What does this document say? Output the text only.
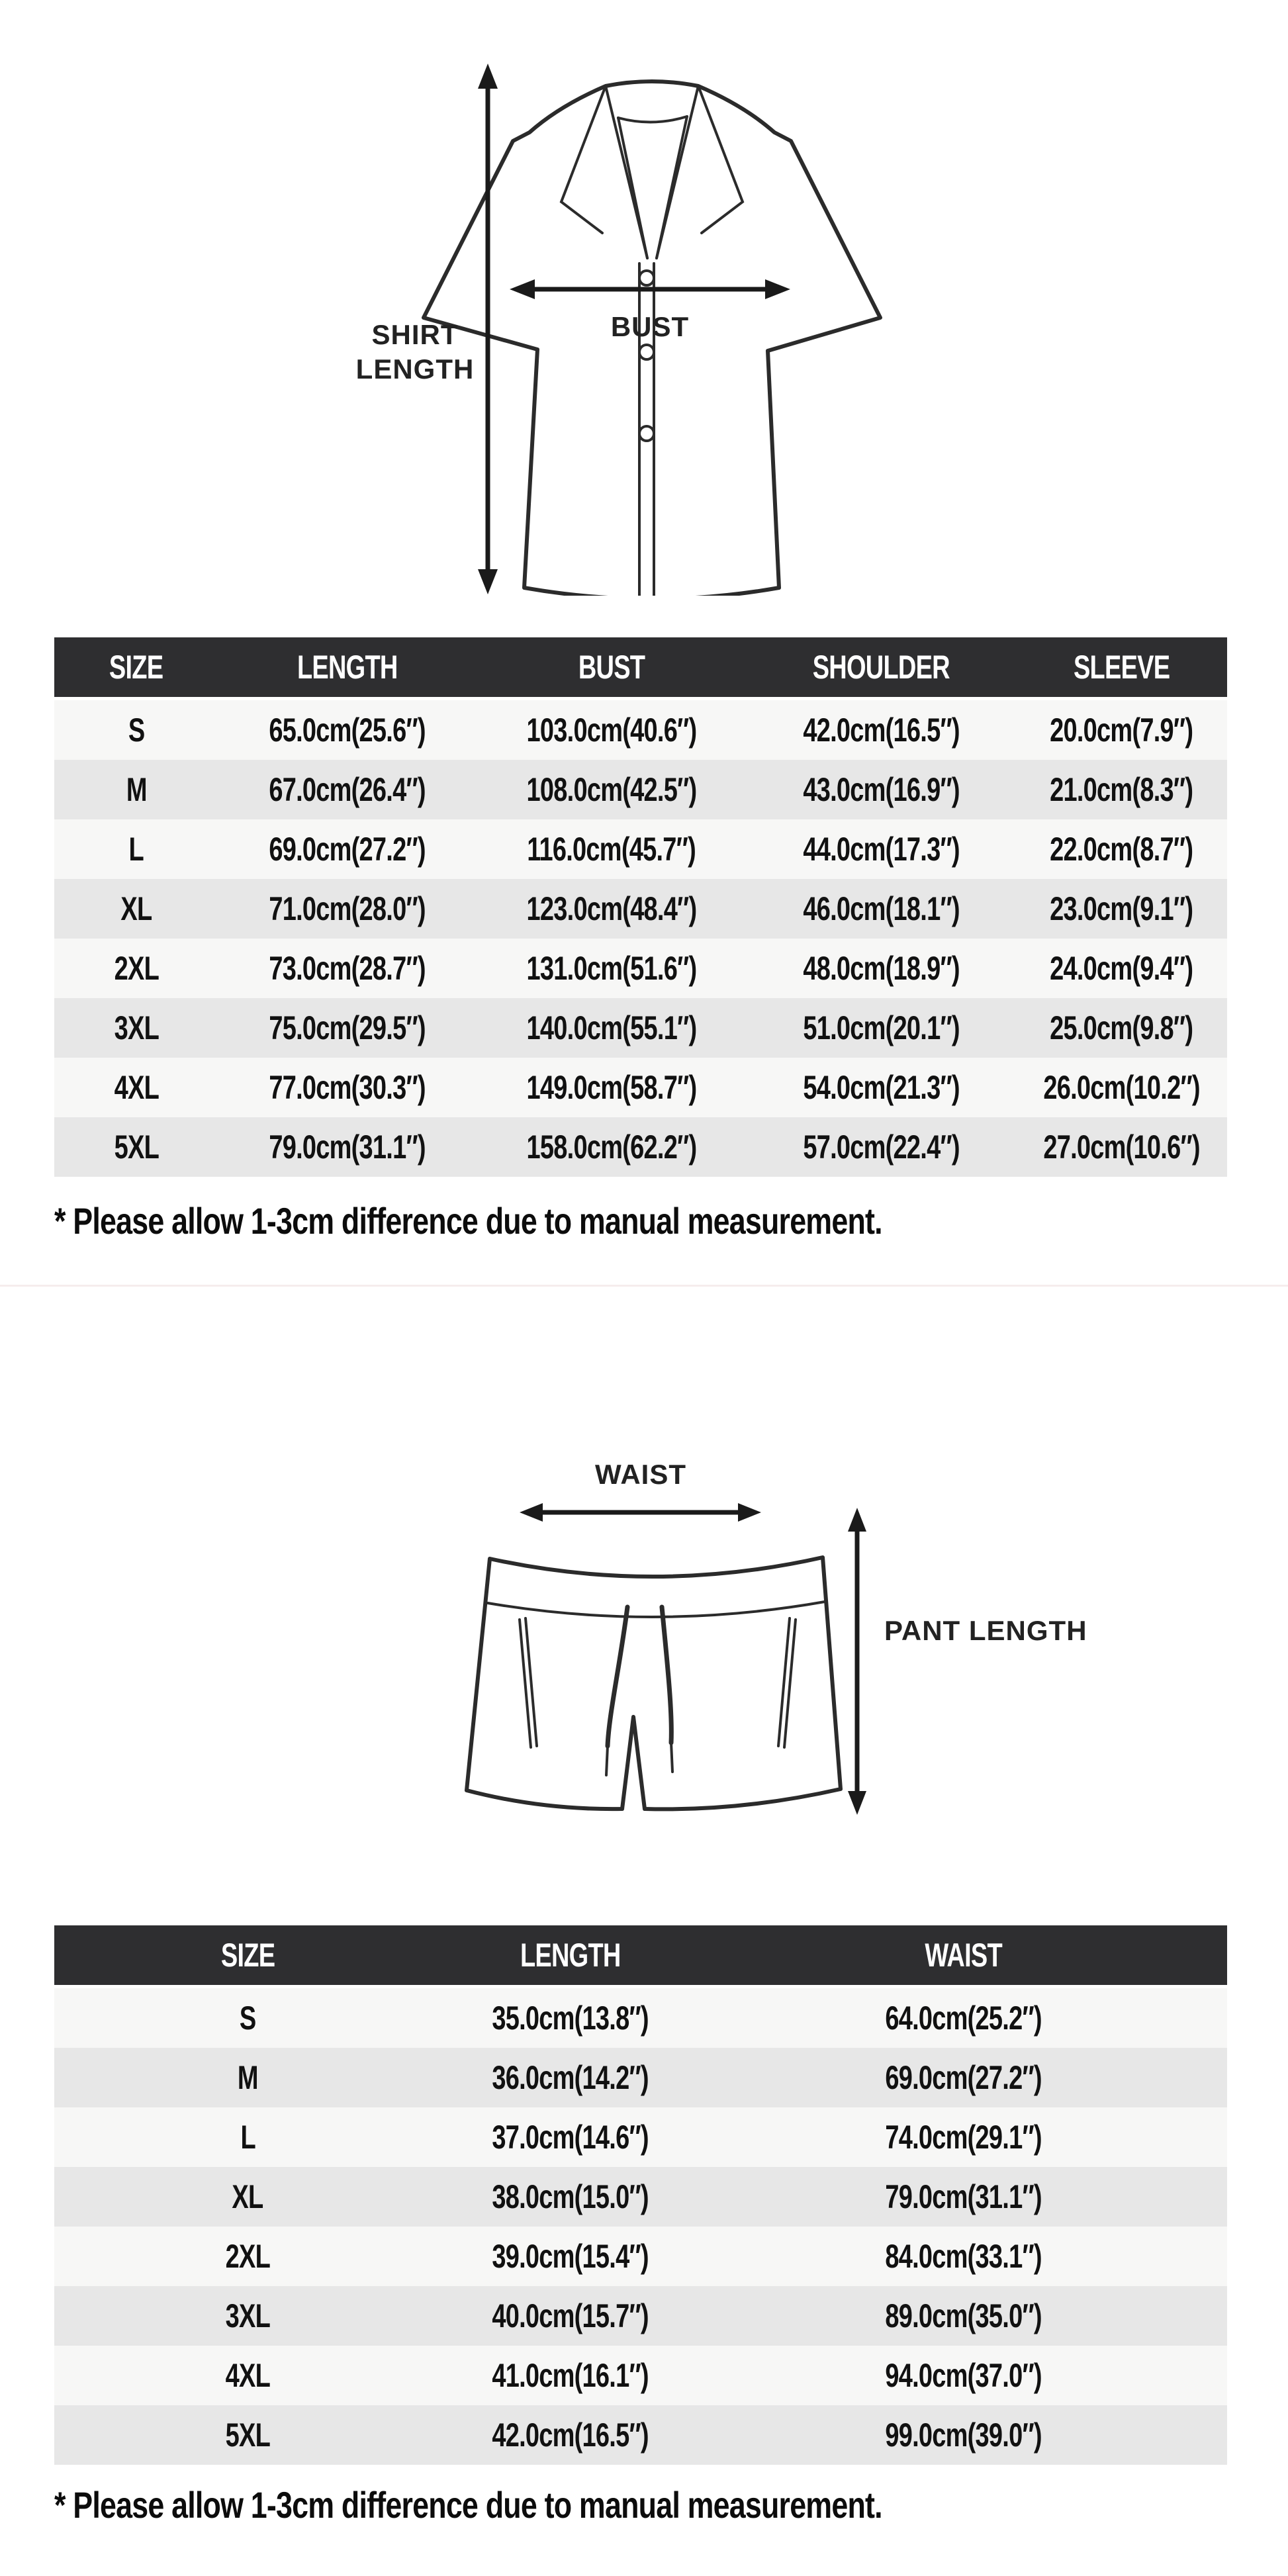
SHIRT
LENGTH
BUST
SIZE	LENGTH	BUST	SHOULDER	SLEEVE
S	65.0cm(25.6″)	103.0cm(40.6″)	42.0cm(16.5″)	20.0cm(7.9″)
M	67.0cm(26.4″)	108.0cm(42.5″)	43.0cm(16.9″)	21.0cm(8.3″)
L	69.0cm(27.2″)	116.0cm(45.7″)	44.0cm(17.3″)	22.0cm(8.7″)
XL	71.0cm(28.0″)	123.0cm(48.4″)	46.0cm(18.1″)	23.0cm(9.1″)
2XL	73.0cm(28.7″)	131.0cm(51.6″)	48.0cm(18.9″)	24.0cm(9.4″)
3XL	75.0cm(29.5″)	140.0cm(55.1″)	51.0cm(20.1″)	25.0cm(9.8″)
4XL	77.0cm(30.3″)	149.0cm(58.7″)	54.0cm(21.3″)	26.0cm(10.2″)
5XL	79.0cm(31.1″)	158.0cm(62.2″)	57.0cm(22.4″)	27.0cm(10.6″)
* Please allow 1-3cm difference due to manual measurement.
WAIST
PANT LENGTH
SIZE	LENGTH	WAIST
S	35.0cm(13.8″)	64.0cm(25.2″)
M	36.0cm(14.2″)	69.0cm(27.2″)
L	37.0cm(14.6″)	74.0cm(29.1″)
XL	38.0cm(15.0″)	79.0cm(31.1″)
2XL	39.0cm(15.4″)	84.0cm(33.1″)
3XL	40.0cm(15.7″)	89.0cm(35.0″)
4XL	41.0cm(16.1″)	94.0cm(37.0″)
5XL	42.0cm(16.5″)	99.0cm(39.0″)
* Please allow 1-3cm difference due to manual measurement.
